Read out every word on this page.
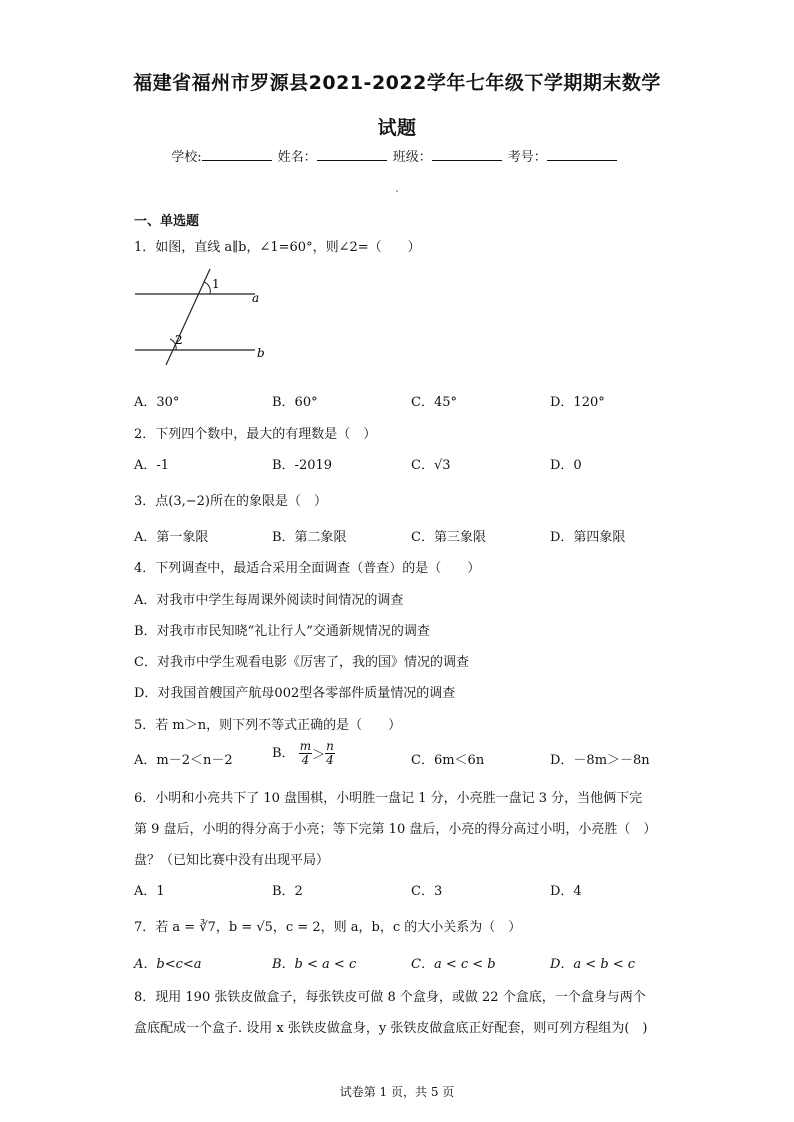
福建省福州市罗源县2021-2022学年七年级下学期期末数学
试题
学校:	姓名：	班级：	考号：
一、单选题
1．如图，直线 a∥b，∠1=60°，则∠2=（　　）
1
a
2
b
A．30°	B．60°	C．45°	D．120°
2．下列四个数中，最大的有理数是（　）
A．-1	B．-2019	C．√3	D．0
3．点(3,−2)所在的象限是（　）
A．第一象限	B．第二象限	C．第三象限	D．第四象限
4．下列调查中，最适合采用全面调查（普查）的是（　　）
A．对我市中学生每周课外阅读时间情况的调查
B．对我市市民知晓“礼让行人”交通新规情况的调查
C．对我市中学生观看电影《厉害了，我的国》情况的调查
D．对我国首艘国产航母002型各零部件质量情况的调查
5．若 m＞n，则下列不等式正确的是（　　）
A．m－2＜n－2	B． $\frac{m}{4} > \frac{n}{4}$	C．6m＜6n	D．－8m＞－8n
6．小明和小亮共下了 10 盘围棋，小明胜一盘记 1 分，小亮胜一盘记 3 分，当他俩下完
第 9 盘后，小明的得分高于小亮；等下完第 10 盘后，小亮的得分高过小明，小亮胜（　）
盘？（已知比赛中没有出现平局）
A．1	B．2	C．3	D．4
7．若 a = ∛7，b = √5，c = 2，则 a，b，c 的大小关系为（　）
A．b<c<a	B．b < a < c	C．a < c < b	D．a < b < c
8．现用 190 张铁皮做盒子，每张铁皮可做 8 个盒身，或做 22 个盒底，一个盒身与两个
盒底配成一个盒子. 设用 x 张铁皮做盒身，y 张铁皮做盒底正好配套，则可列方程组为(　)
试卷第 1 页，共 5 页
